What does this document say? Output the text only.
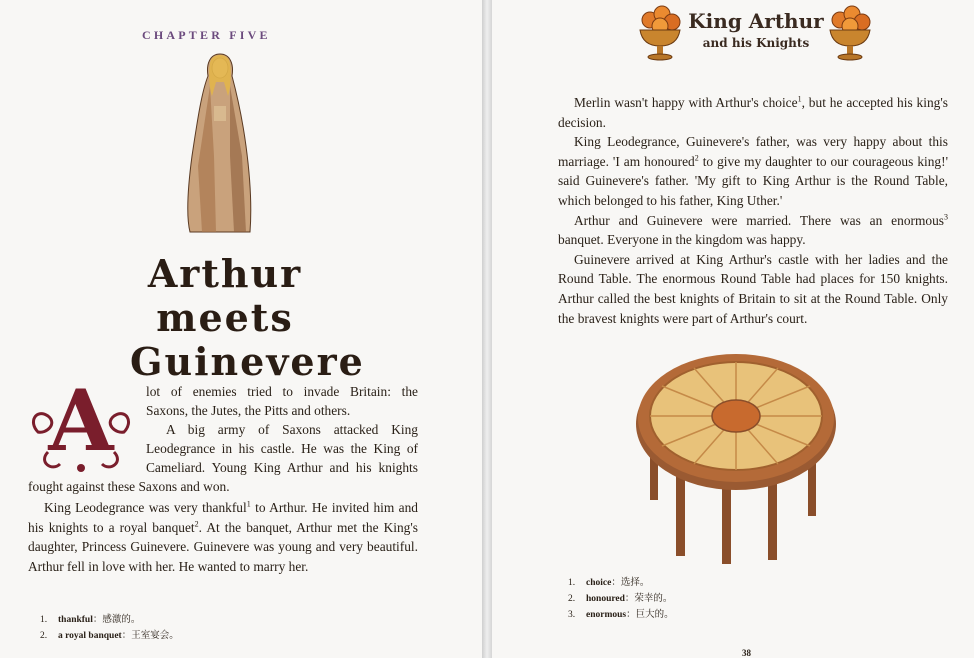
CHAPTER FIVE
Arthur meets
Guinevere
A lot of enemies tried to invade Britain: the
Saxons, the Jutes, the Pitts and others.
A big army of Saxons attacked King
Leodegrance in his castle. He was the King of
Cameliard. Young King Arthur and his knights
fought against these Saxons and won.

King Leodegrance was very thankful$^1$ to Arthur. He invited him and his knights to a royal banquet$^2$. At the banquet, Arthur met the King's daughter, Princess Guinevere. Guinevere was young and very beautiful. Arthur fell in love with her. He wanted to marry her.

1. thankful：感激的。
2. a royal banquet：王室宴会。
King Arthur
and his Knights

Merlin wasn't happy with Arthur's choice$^1$, but he accepted his king's decision.

King Leodegrance, Guinevere's father, was very happy about this marriage. 'I am honoured$^2$ to give my daughter to our courageous king!' said Guinevere's father. 'My gift to King Arthur is the Round Table, which belonged to his father, King Uther.'

Arthur and Guinevere were married. There was an enormous$^3$ banquet. Everyone in the kingdom was happy.

Guinevere arrived at King Arthur's castle with her ladies and the Round Table. The enormous Round Table had places for 150 knights. Arthur called the best knights of Britain to sit at the Round Table. Only the bravest knights were part of Arthur's court.

1. choice：选择。
2. honoured：荣幸的。
3. enormous：巨大的。
38
